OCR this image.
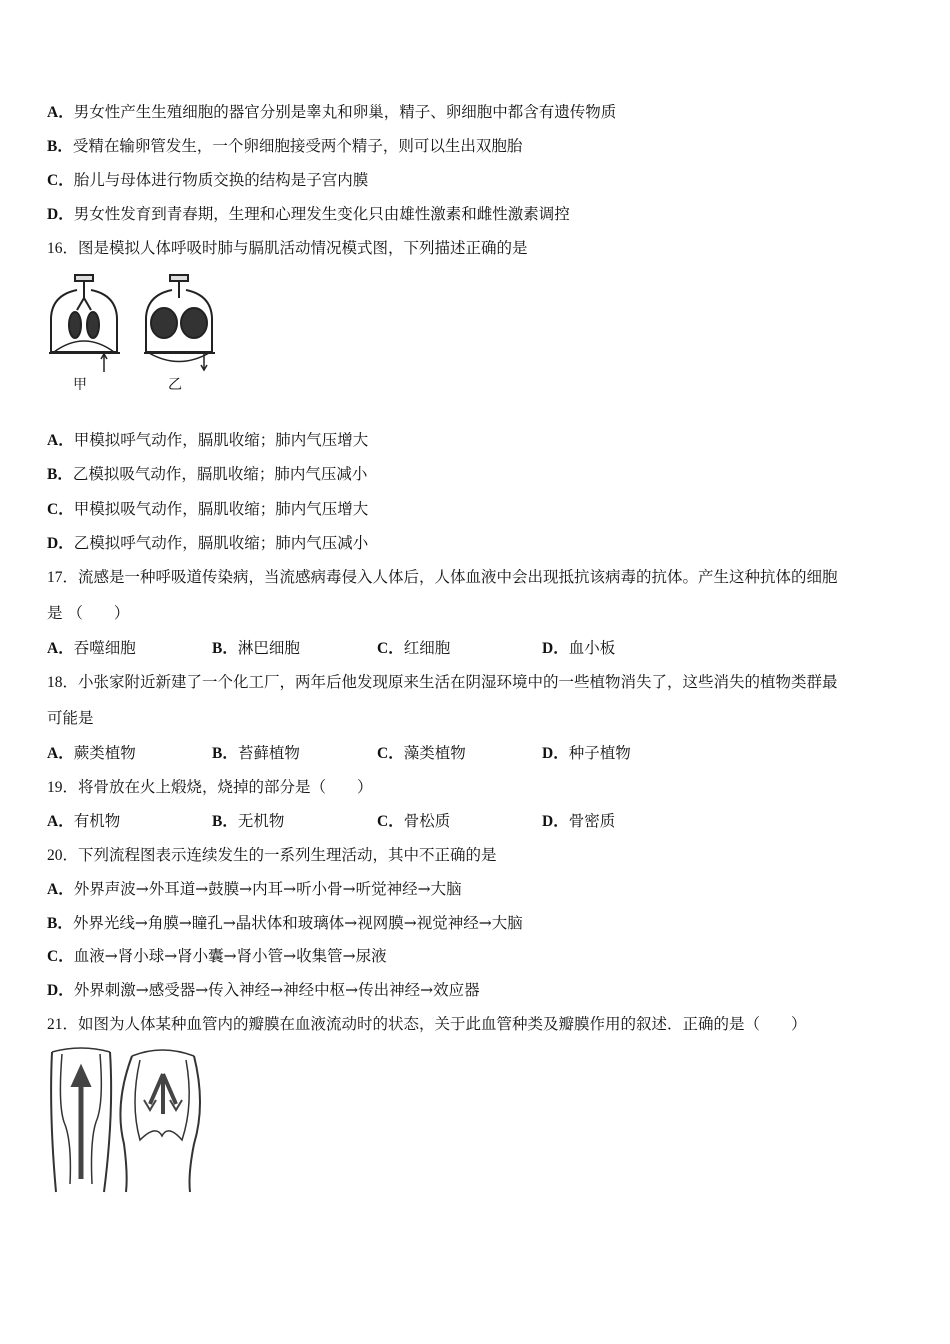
A．男女性产生生殖细胞的器官分别是睾丸和卵巢，精子、卵细胞中都含有遗传物质
B．受精在输卵管发生，一个卵细胞接受两个精子，则可以生出双胞胎
C．胎儿与母体进行物质交换的结构是子宫内膜
D．男女性发育到青春期，生理和心理发生变化只由雄性激素和雌性激素调控
16．图是模拟人体呼吸时肺与膈肌活动情况模式图，下列描述正确的是
甲	乙
A．甲模拟呼气动作，膈肌收缩；肺内气压增大
B．乙模拟吸气动作，膈肌收缩；肺内气压减小
C．甲模拟吸气动作，膈肌收缩；肺内气压增大
D．乙模拟呼气动作，膈肌收缩；肺内气压减小
17．流感是一种呼吸道传染病，当流感病毒侵入人体后，人体血液中会出现抵抗该病毒的抗体。产生这种抗体的细胞
是 （　　）
A．吞噬细胞	B．淋巴细胞	C．红细胞	D．血小板
18．小张家附近新建了一个化工厂，两年后他发现原来生活在阴湿环境中的一些植物消失了，这些消失的植物类群最
可能是
A．蕨类植物	B．苔藓植物	C．藻类植物	D．种子植物
19．将骨放在火上煅烧，烧掉的部分是（　　）
A．有机物	B．无机物	C．骨松质	D．骨密质
20．下列流程图表示连续发生的一系列生理活动，其中不正确的是
A．外界声波→外耳道→鼓膜→内耳→听小骨→听觉神经→大脑
B．外界光线→角膜→瞳孔→晶状体和玻璃体→视网膜→视觉神经→大脑
C．血液→肾小球→肾小囊→肾小管→收集管→尿液
D．外界刺激→感受器→传入神经→神经中枢→传出神经→效应器
21．如图为人体某种血管内的瓣膜在血液流动时的状态，关于此血管种类及瓣膜作用的叙述．正确的是（　　）
